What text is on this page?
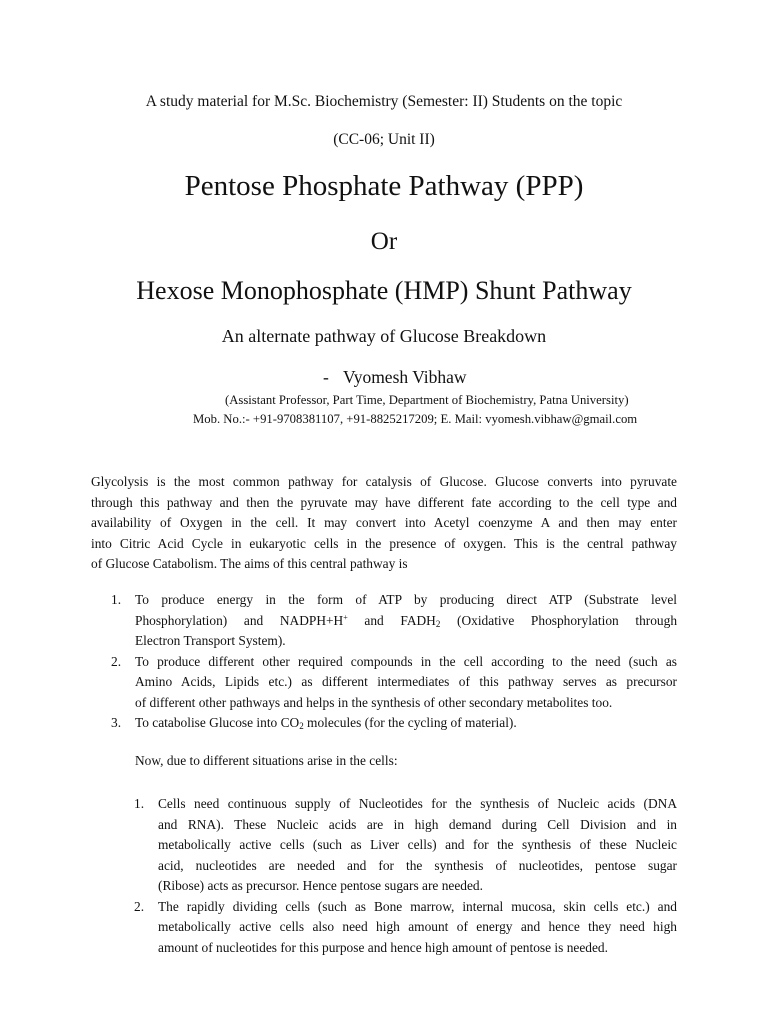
A study material for M.Sc. Biochemistry (Semester: II) Students on the topic
(CC-06; Unit II)
Pentose Phosphate Pathway (PPP)
Or
Hexose Monophosphate (HMP) Shunt Pathway
An alternate pathway of Glucose Breakdown
- Vyomesh Vibhaw
(Assistant Professor, Part Time, Department of Biochemistry, Patna University)
Mob. No.:- +91-9708381107, +91-8825217209; E. Mail: vyomesh.vibhaw@gmail.com
Glycolysis is the most common pathway for catalysis of Glucose. Glucose converts into pyruvate
through this pathway and then the pyruvate may have different fate according to the cell type and
availability of Oxygen in the cell. It may convert into Acetyl coenzyme A and then may enter
into Citric Acid Cycle in eukaryotic cells in the presence of oxygen. This is the central pathway
of Glucose Catabolism. The aims of this central pathway is
1. To produce energy in the form of ATP by producing direct ATP (Substrate level
Phosphorylation) and NADPH+H+ and $FADH_2$ (Oxidative Phosphorylation through
Electron Transport System).
2. To produce different other required compounds in the cell according to the need (such as
Amino Acids, Lipids etc.) as different intermediates of this pathway serves as precursor
of different other pathways and helps in the synthesis of other secondary metabolites too.
3. To catabolise Glucose into $CO_2$ molecules (for the cycling of material).
Now, due to different situations arise in the cells:
1. Cells need continuous supply of Nucleotides for the synthesis of Nucleic acids (DNA
and RNA). These Nucleic acids are in high demand during Cell Division and in
metabolically active cells (such as Liver cells) and for the synthesis of these Nucleic
acid, nucleotides are needed and for the synthesis of nucleotides, pentose sugar
(Ribose) acts as precursor. Hence pentose sugars are needed.
2. The rapidly dividing cells (such as Bone marrow, internal mucosa, skin cells etc.) and
metabolically active cells also need high amount of energy and hence they need high
amount of nucleotides for this purpose and hence high amount of pentose is needed.
